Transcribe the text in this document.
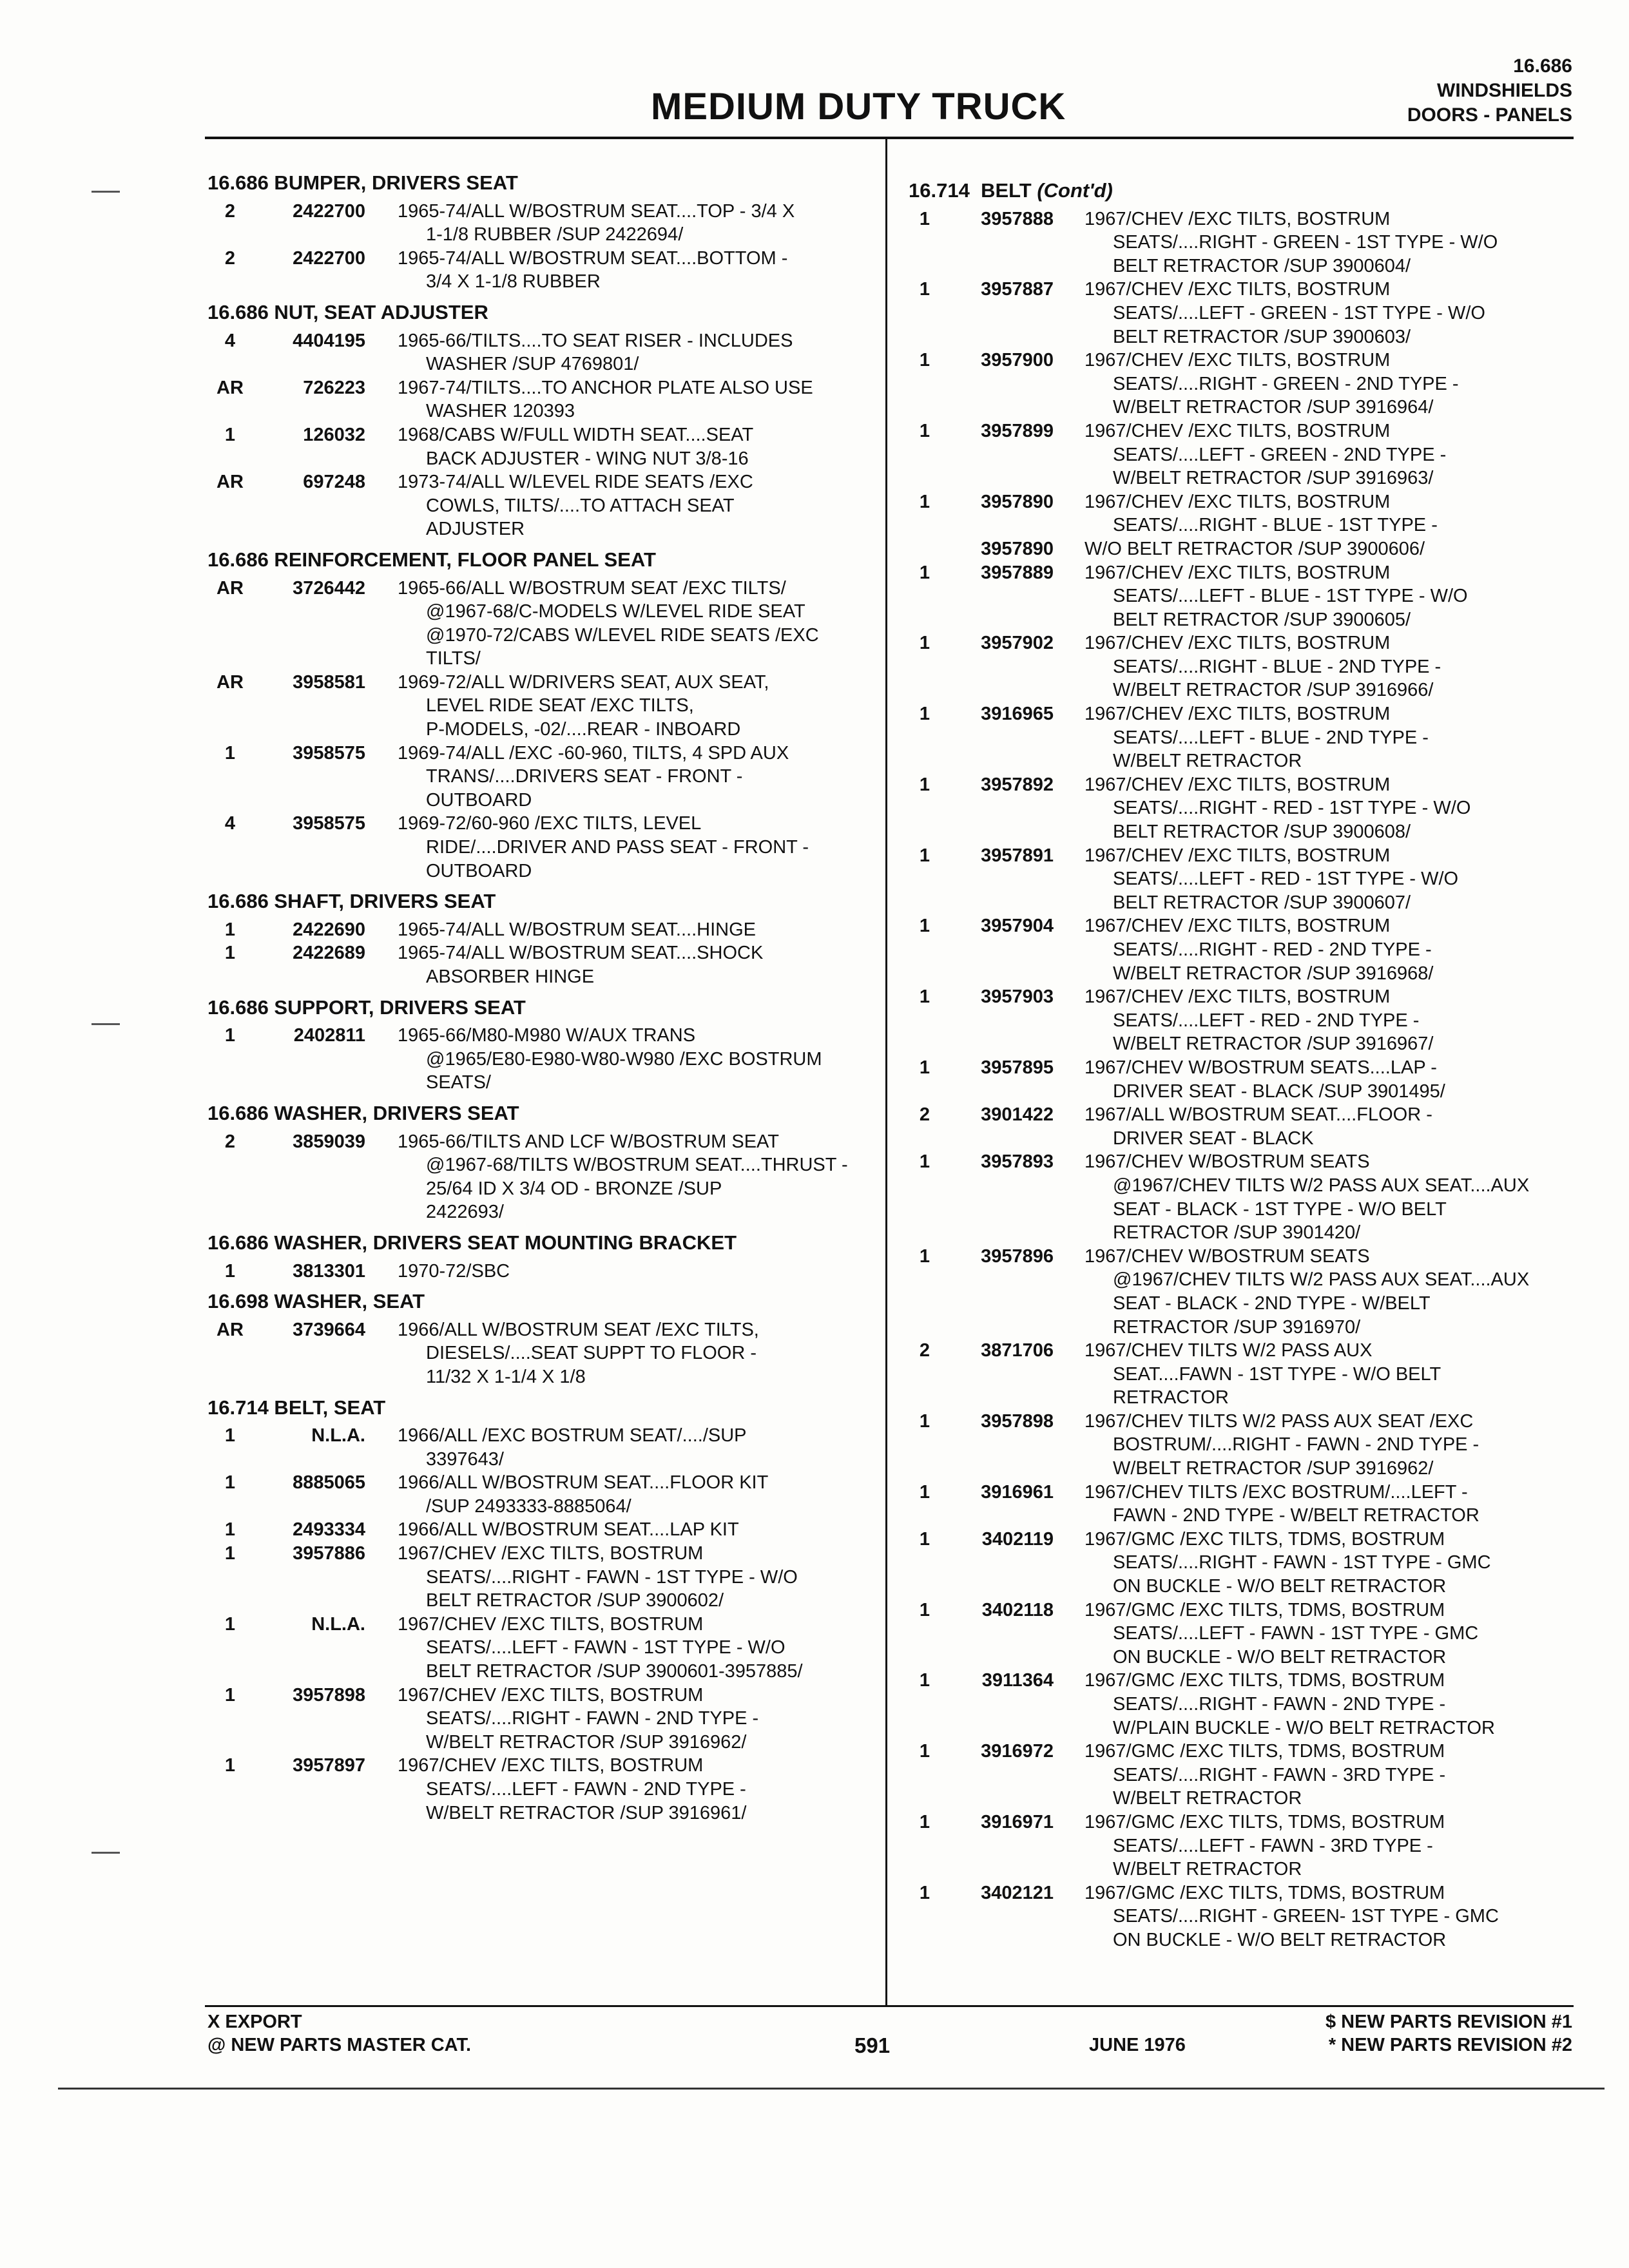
MEDIUM DUTY TRUCK
16.686
WINDSHIELDS
DOORS - PANELS
16.686 BUMPER, DRIVERS SEAT
2	2422700 1965-74/ALL W/BOSTRUM SEAT....TOP - 3/4 X
1-1/8 RUBBER /SUP 2422694/
2	2422700 1965-74/ALL W/BOSTRUM SEAT....BOTTOM -
3/4 X 1-1/8 RUBBER
16.686 NUT, SEAT ADJUSTER
4	4404195 1965-66/TILTS....TO SEAT RISER - INCLUDES
WASHER /SUP 4769801/
AR	726223 1967-74/TILTS....TO ANCHOR PLATE ALSO USE
WASHER 120393
1	126032 1968/CABS W/FULL WIDTH SEAT....SEAT
BACK ADJUSTER - WING NUT 3/8-16
AR	697248 1973-74/ALL W/LEVEL RIDE SEATS /EXC
COWLS, TILTS/....TO ATTACH SEAT
ADJUSTER
16.686 REINFORCEMENT, FLOOR PANEL SEAT
AR	3726442 1965-66/ALL W/BOSTRUM SEAT /EXC TILTS/
@1967-68/C-MODELS W/LEVEL RIDE SEAT
@1970-72/CABS W/LEVEL RIDE SEATS /EXC
TILTS/
AR	3958581 1969-72/ALL W/DRIVERS SEAT, AUX SEAT,
LEVEL RIDE SEAT /EXC TILTS,
P-MODELS, -02/....REAR - INBOARD
1	3958575 1969-74/ALL /EXC -60-960, TILTS, 4 SPD AUX
TRANS/....DRIVERS SEAT - FRONT -
OUTBOARD
4	3958575 1969-72/60-960 /EXC TILTS, LEVEL
RIDE/....DRIVER AND PASS SEAT - FRONT -
OUTBOARD
16.686 SHAFT, DRIVERS SEAT
1	2422690 1965-74/ALL W/BOSTRUM SEAT....HINGE
1	2422689 1965-74/ALL W/BOSTRUM SEAT....SHOCK
ABSORBER HINGE
16.686 SUPPORT, DRIVERS SEAT
1	2402811 1965-66/M80-M980 W/AUX TRANS
@1965/E80-E980-W80-W980 /EXC BOSTRUM
SEATS/
16.686 WASHER, DRIVERS SEAT
2	3859039 1965-66/TILTS AND LCF W/BOSTRUM SEAT
@1967-68/TILTS W/BOSTRUM SEAT....THRUST -
25/64 ID X 3/4 OD - BRONZE /SUP
2422693/
16.686 WASHER, DRIVERS SEAT MOUNTING BRACKET
1	3813301 1970-72/SBC
16.698 WASHER, SEAT
AR	3739664 1966/ALL W/BOSTRUM SEAT /EXC TILTS,
DIESELS/....SEAT SUPPT TO FLOOR -
11/32 X 1-1/4 X 1/8
16.714 BELT, SEAT
1	N.L.A. 1966/ALL /EXC BOSTRUM SEAT/..../SUP
3397643/
1	8885065 1966/ALL W/BOSTRUM SEAT....FLOOR KIT
/SUP 2493333-8885064/
1	2493334 1966/ALL W/BOSTRUM SEAT....LAP KIT
1	3957886 1967/CHEV /EXC TILTS, BOSTRUM
SEATS/....RIGHT - FAWN - 1ST TYPE - W/O
BELT RETRACTOR /SUP 3900602/
1	N.L.A. 1967/CHEV /EXC TILTS, BOSTRUM
SEATS/....LEFT - FAWN - 1ST TYPE - W/O
BELT RETRACTOR /SUP 3900601-3957885/
1	3957898 1967/CHEV /EXC TILTS, BOSTRUM
SEATS/....RIGHT - FAWN - 2ND TYPE -
W/BELT RETRACTOR /SUP 3916962/
1	3957897 1967/CHEV /EXC TILTS, BOSTRUM
SEATS/....LEFT - FAWN - 2ND TYPE -
W/BELT RETRACTOR /SUP 3916961/
16.714 BELT (Cont'd)
1	3957888 1967/CHEV /EXC TILTS, BOSTRUM
SEATS/....RIGHT - GREEN - 1ST TYPE - W/O
BELT RETRACTOR /SUP 3900604/
1	3957887 1967/CHEV /EXC TILTS, BOSTRUM
SEATS/....LEFT - GREEN - 1ST TYPE - W/O
BELT RETRACTOR /SUP 3900603/
1	3957900 1967/CHEV /EXC TILTS, BOSTRUM
SEATS/....RIGHT - GREEN - 2ND TYPE -
W/BELT RETRACTOR /SUP 3916964/
1	3957899 1967/CHEV /EXC TILTS, BOSTRUM
SEATS/....LEFT - GREEN - 2ND TYPE -
W/BELT RETRACTOR /SUP 3916963/
1	3957890 1967/CHEV /EXC TILTS, BOSTRUM
SEATS/....RIGHT - BLUE - 1ST TYPE -
3957890 W/O BELT RETRACTOR /SUP 3900606/
1	3957889 1967/CHEV /EXC TILTS, BOSTRUM
SEATS/....LEFT - BLUE - 1ST TYPE - W/O
BELT RETRACTOR /SUP 3900605/
1	3957902 1967/CHEV /EXC TILTS, BOSTRUM
SEATS/....RIGHT - BLUE - 2ND TYPE -
W/BELT RETRACTOR /SUP 3916966/
1	3916965 1967/CHEV /EXC TILTS, BOSTRUM
SEATS/....LEFT - BLUE - 2ND TYPE -
W/BELT RETRACTOR
1	3957892 1967/CHEV /EXC TILTS, BOSTRUM
SEATS/....RIGHT - RED - 1ST TYPE - W/O
BELT RETRACTOR /SUP 3900608/
1	3957891 1967/CHEV /EXC TILTS, BOSTRUM
SEATS/....LEFT - RED - 1ST TYPE - W/O
BELT RETRACTOR /SUP 3900607/
1	3957904 1967/CHEV /EXC TILTS, BOSTRUM
SEATS/....RIGHT - RED - 2ND TYPE -
W/BELT RETRACTOR /SUP 3916968/
1	3957903 1967/CHEV /EXC TILTS, BOSTRUM
SEATS/....LEFT - RED - 2ND TYPE -
W/BELT RETRACTOR /SUP 3916967/
1	3957895 1967/CHEV W/BOSTRUM SEATS....LAP -
DRIVER SEAT - BLACK /SUP 3901495/
2	3901422 1967/ALL W/BOSTRUM SEAT....FLOOR -
DRIVER SEAT - BLACK
1	3957893 1967/CHEV W/BOSTRUM SEATS
@1967/CHEV TILTS W/2 PASS AUX SEAT....AUX
SEAT - BLACK - 1ST TYPE - W/O BELT
RETRACTOR /SUP 3901420/
1	3957896 1967/CHEV W/BOSTRUM SEATS
@1967/CHEV TILTS W/2 PASS AUX SEAT....AUX
SEAT - BLACK - 2ND TYPE - W/BELT
RETRACTOR /SUP 3916970/
2	3871706 1967/CHEV TILTS W/2 PASS AUX
SEAT....FAWN - 1ST TYPE - W/O BELT
RETRACTOR
1	3957898 1967/CHEV TILTS W/2 PASS AUX SEAT /EXC
BOSTRUM/....RIGHT - FAWN - 2ND TYPE -
W/BELT RETRACTOR /SUP 3916962/
1	3916961 1967/CHEV TILTS /EXC BOSTRUM/....LEFT -
FAWN - 2ND TYPE - W/BELT RETRACTOR
1	3402119 1967/GMC /EXC TILTS, TDMS, BOSTRUM
SEATS/....RIGHT - FAWN - 1ST TYPE - GMC
ON BUCKLE - W/O BELT RETRACTOR
1	3402118 1967/GMC /EXC TILTS, TDMS, BOSTRUM
SEATS/....LEFT - FAWN - 1ST TYPE - GMC
ON BUCKLE - W/O BELT RETRACTOR
1	3911364 1967/GMC /EXC TILTS, TDMS, BOSTRUM
SEATS/....RIGHT - FAWN - 2ND TYPE -
W/PLAIN BUCKLE - W/O BELT RETRACTOR
1	3916972 1967/GMC /EXC TILTS, TDMS, BOSTRUM
SEATS/....RIGHT - FAWN - 3RD TYPE -
W/BELT RETRACTOR
1	3916971 1967/GMC /EXC TILTS, TDMS, BOSTRUM
SEATS/....LEFT - FAWN - 3RD TYPE -
W/BELT RETRACTOR
1	3402121 1967/GMC /EXC TILTS, TDMS, BOSTRUM
SEATS/....RIGHT - GREEN- 1ST TYPE - GMC
ON BUCKLE - W/O BELT RETRACTOR
X EXPORT
@ NEW PARTS MASTER CAT.	591	JUNE 1976
$ NEW PARTS REVISION #1
* NEW PARTS REVISION #2
